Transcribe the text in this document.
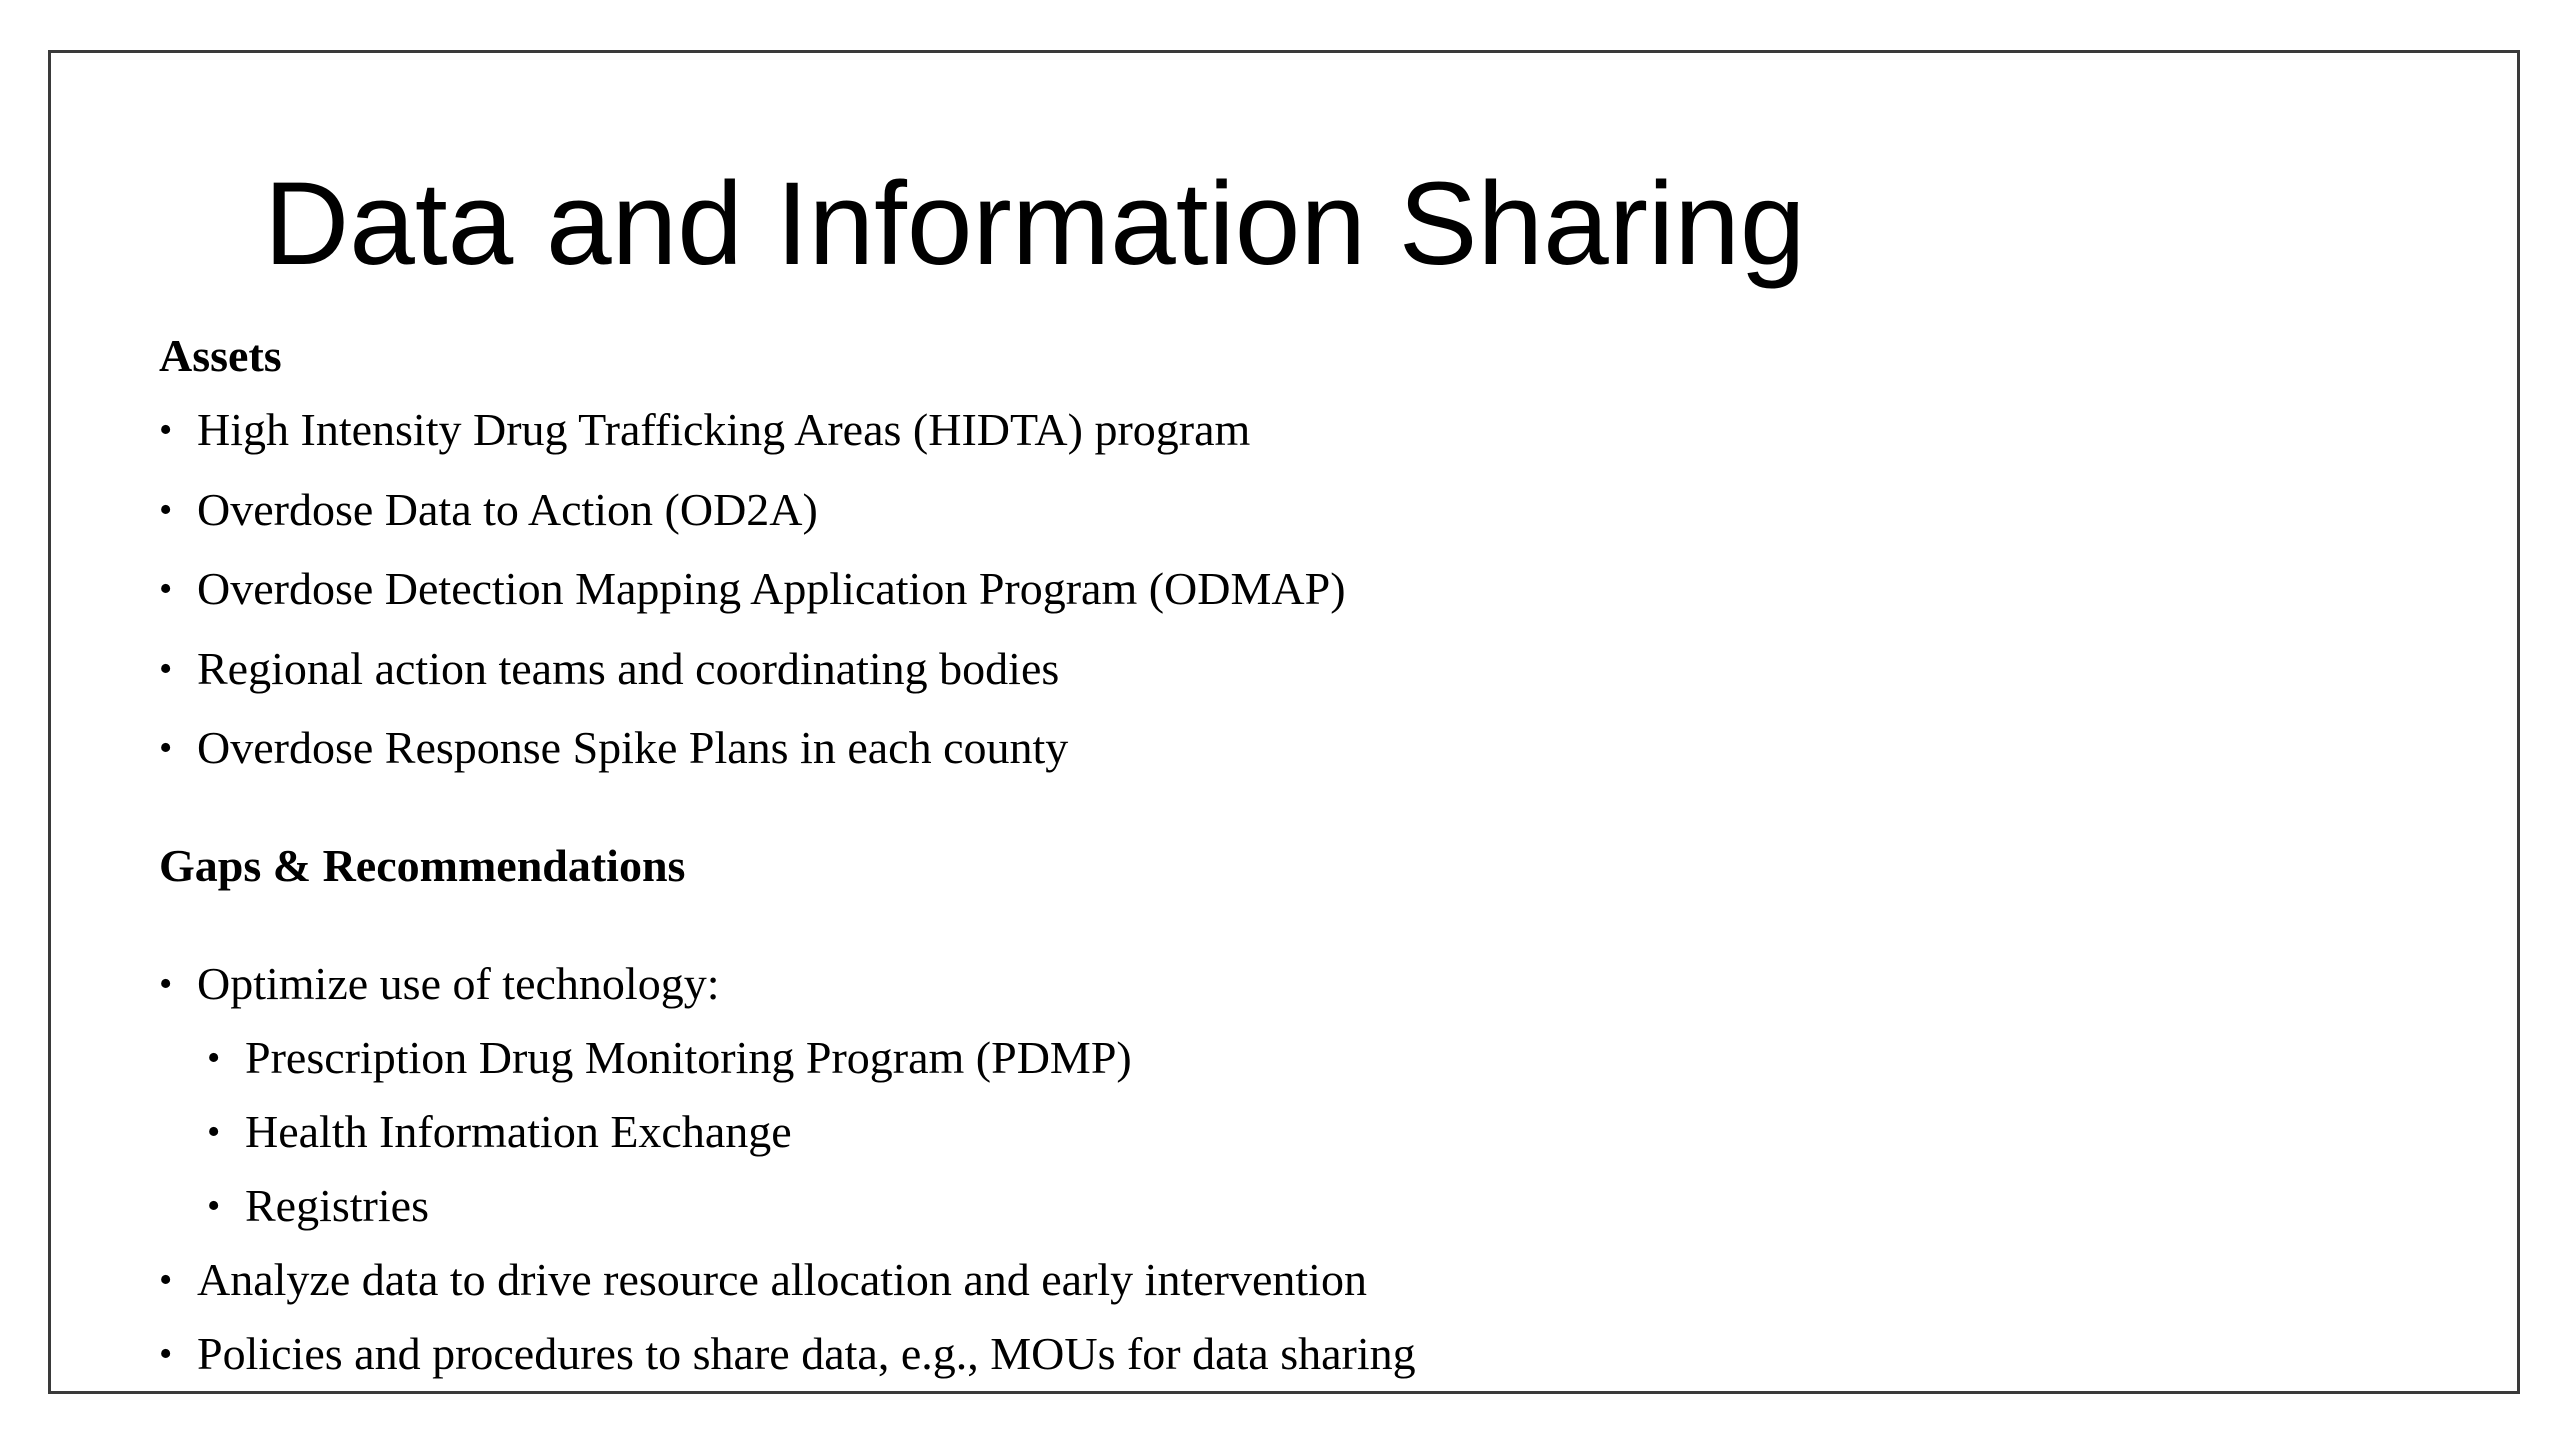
Data and Information Sharing
Assets
• High Intensity Drug Trafficking Areas (HIDTA) program
• Overdose Data to Action (OD2A)
• Overdose Detection Mapping Application Program (ODMAP)
• Regional action teams and coordinating bodies
• Overdose Response Spike Plans in each county
Gaps & Recommendations
• Optimize use of technology:
• Prescription Drug Monitoring Program (PDMP)
• Health Information Exchange
• Registries
• Analyze data to drive resource allocation and early intervention
• Policies and procedures to share data, e.g., MOUs for data sharing
